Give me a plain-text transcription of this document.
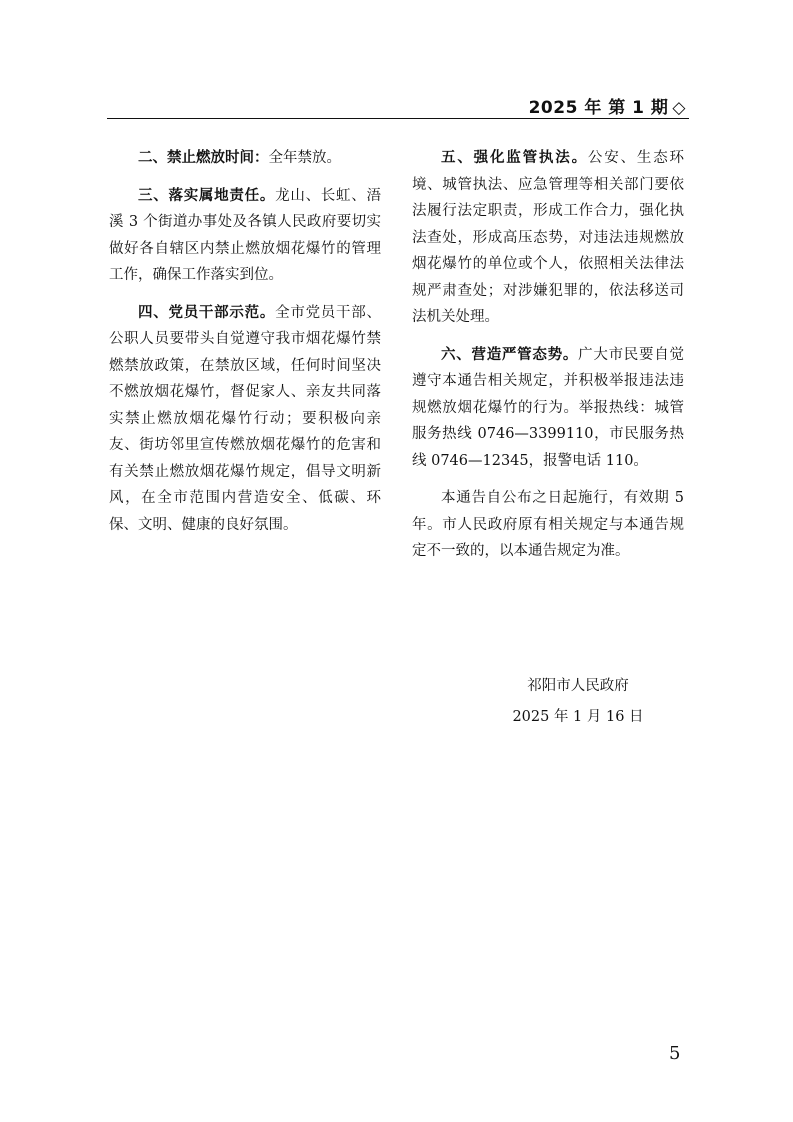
2025 年 第 1 期 ◇

二、禁止燃放时间：全年禁放。

三、落实属地责任。龙山、长虹、浯溪 3 个街道办事处及各镇人民政府要切实做好各自辖区内禁止燃放烟花爆竹的管理工作，确保工作落实到位。

四、党员干部示范。全市党员干部、公职人员要带头自觉遵守我市烟花爆竹禁燃禁放政策，在禁放区域，任何时间坚决不燃放烟花爆竹，督促家人、亲友共同落实禁止燃放烟花爆竹行动；要积极向亲友、街坊邻里宣传燃放烟花爆竹的危害和有关禁止燃放烟花爆竹规定，倡导文明新风，在全市范围内营造安全、低碳、环保、文明、健康的良好氛围。

五、强化监管执法。公安、生态环境、城管执法、应急管理等相关部门要依法履行法定职责，形成工作合力，强化执法查处，形成高压态势，对违法违规燃放烟花爆竹的单位或个人，依照相关法律法规严肃查处；对涉嫌犯罪的，依法移送司法机关处理。

六、营造严管态势。广大市民要自觉遵守本通告相关规定，并积极举报违法违规燃放烟花爆竹的行为。举报热线：城管服务热线 0746—3399110，市民服务热线 0746—12345，报警电话 110。

本通告自公布之日起施行，有效期 5 年。市人民政府原有相关规定与本通告规定不一致的，以本通告规定为准。

祁阳市人民政府
2025 年 1 月 16 日
5
